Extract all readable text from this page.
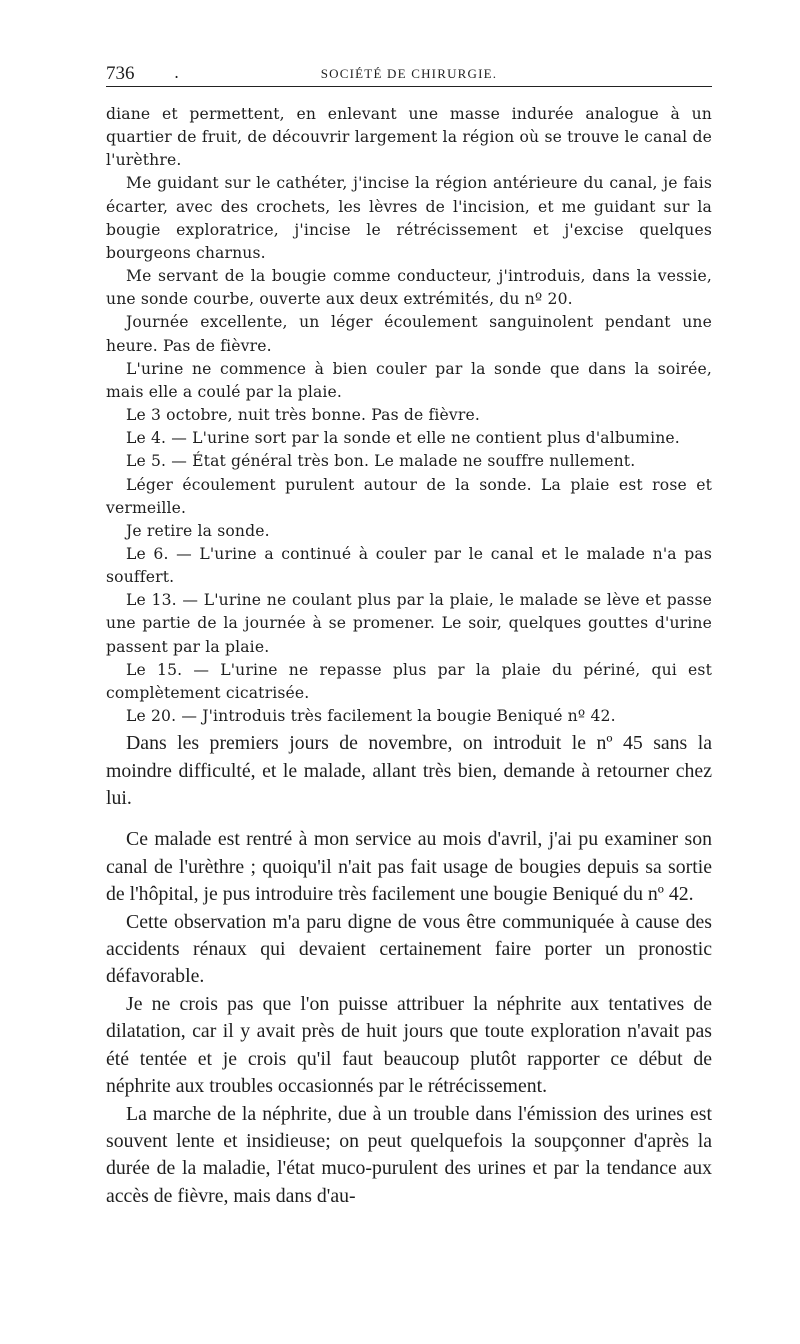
736 .	SOCIÉTÉ DE CHIRURGIE.

diane et permettent, en enlevant une masse indurée analogue à un quartier de fruit, de découvrir largement la région où se trouve le canal de l'urèthre.

Me guidant sur le cathéter, j'incise la région antérieure du canal, je fais écarter, avec des crochets, les lèvres de l'incision, et me guidant sur la bougie exploratrice, j'incise le rétrécissement et j'excise quelques bourgeons charnus.

Me servant de la bougie comme conducteur, j'introduis, dans la vessie, une sonde courbe, ouverte aux deux extrémités, du nº 20.

Journée excellente, un léger écoulement sanguinolent pendant une heure. Pas de fièvre.

L'urine ne commence à bien couler par la sonde que dans la soirée, mais elle a coulé par la plaie.

Le 3 octobre, nuit très bonne. Pas de fièvre.

Le 4. — L'urine sort par la sonde et elle ne contient plus d'albumine.

Le 5. — État général très bon. Le malade ne souffre nullement.

Léger écoulement purulent autour de la sonde. La plaie est rose et vermeille.

Je retire la sonde.

Le 6. — L'urine a continué à couler par le canal et le malade n'a pas souffert.

Le 13. — L'urine ne coulant plus par la plaie, le malade se lève et passe une partie de la journée à se promener. Le soir, quelques gouttes d'urine passent par la plaie.

Le 15. — L'urine ne repasse plus par la plaie du périné, qui est complètement cicatrisée.

Le 20. — J'introduis très facilement la bougie Beniqué nº 42.

Dans les premiers jours de novembre, on introduit le nº 45 sans la moindre difficulté, et le malade, allant très bien, demande à retourner chez lui.

Ce malade est rentré à mon service au mois d'avril, j'ai pu examiner son canal de l'urèthre ; quoiqu'il n'ait pas fait usage de bougies depuis sa sortie de l'hôpital, je pus introduire très facilement une bougie Beniqué du nº 42.

Cette observation m'a paru digne de vous être communiquée à cause des accidents rénaux qui devaient certainement faire porter un pronostic défavorable.

Je ne crois pas que l'on puisse attribuer la néphrite aux tentatives de dilatation, car il y avait près de huit jours que toute exploration n'avait pas été tentée et je crois qu'il faut beaucoup plutôt rapporter ce début de néphrite aux troubles occasionnés par le rétrécissement.

La marche de la néphrite, due à un trouble dans l'émission des urines est souvent lente et insidieuse; on peut quelquefois la soupçonner d'après la durée de la maladie, l'état muco-purulent des urines et par la tendance aux accès de fièvre, mais dans d'au-
